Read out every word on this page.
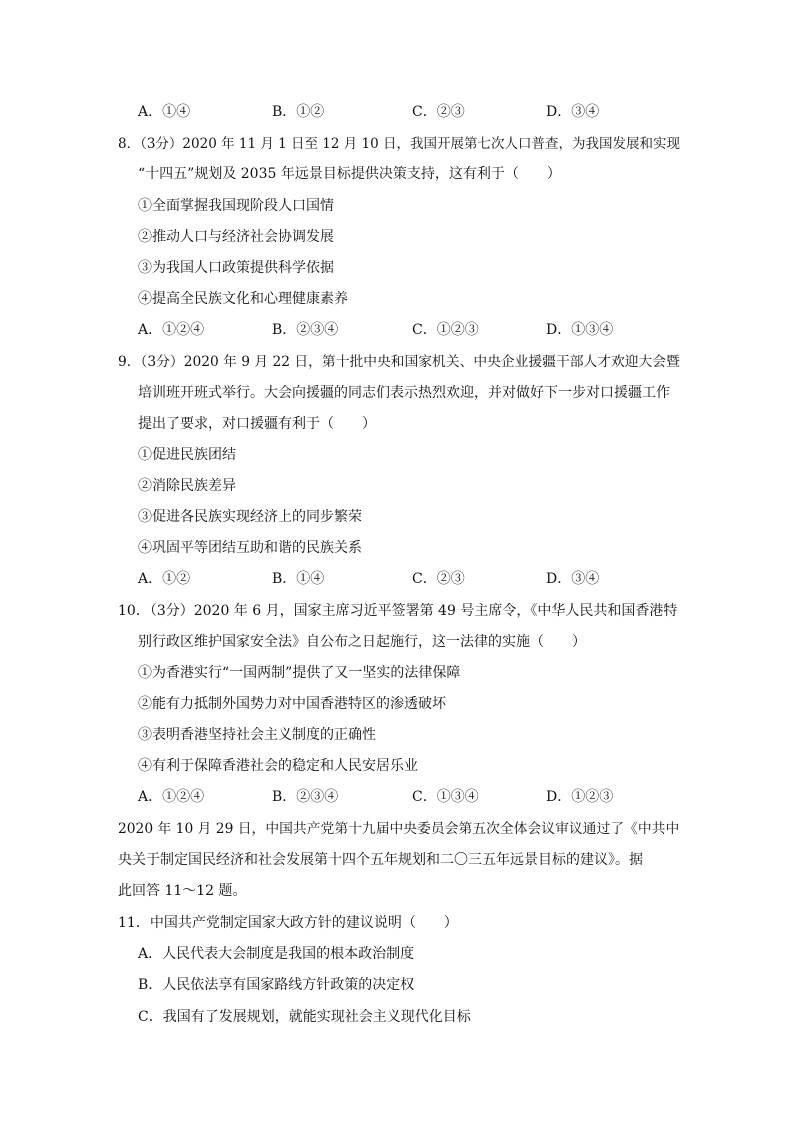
A．①④	B．①②	C．②③	D．③④
8．（3分）2020 年 11 月 1 日至 12 月 10 日，我国开展第七次人口普查，为我国发展和实现
“十四五”规划及 2035 年远景目标提供决策支持，这有利于（　　）
①全面掌握我国现阶段人口国情
②推动人口与经济社会协调发展
③为我国人口政策提供科学依据
④提高全民族文化和心理健康素养
A．①②④	B．②③④	C．①②③	D．①③④
9．（3分）2020 年 9 月 22 日，第十批中央和国家机关、中央企业援疆干部人才欢迎大会暨
培训班开班式举行。大会向援疆的同志们表示热烈欢迎，并对做好下一步对口援疆工作
提出了要求，对口援疆有利于（　　）
①促进民族团结
②消除民族差异
③促进各民族实现经济上的同步繁荣
④巩固平等团结互助和谐的民族关系
A．①②	B．①④	C．②③	D．③④
10．（3分）2020 年 6 月，国家主席习近平签署第 49 号主席令，《中华人民共和国香港特
别行政区维护国家安全法》自公布之日起施行，这一法律的实施（　　）
①为香港实行“一国两制”提供了又一坚实的法律保障
②能有力抵制外国势力对中国香港特区的渗透破坏
③表明香港坚持社会主义制度的正确性
④有利于保障香港社会的稳定和人民安居乐业
A．①②④	B．②③④	C．①③④	D．①②③
2020 年 10 月 29 日，中国共产党第十九届中央委员会第五次全体会议审议通过了《中共中
央关于制定国民经济和社会发展第十四个五年规划和二〇三五年远景目标的建议》。据
此回答 11～12 题。
11．中国共产党制定国家大政方针的建议说明（　　）
A．人民代表大会制度是我国的根本政治制度
B．人民依法享有国家路线方针政策的决定权
C．我国有了发展规划，就能实现社会主义现代化目标
